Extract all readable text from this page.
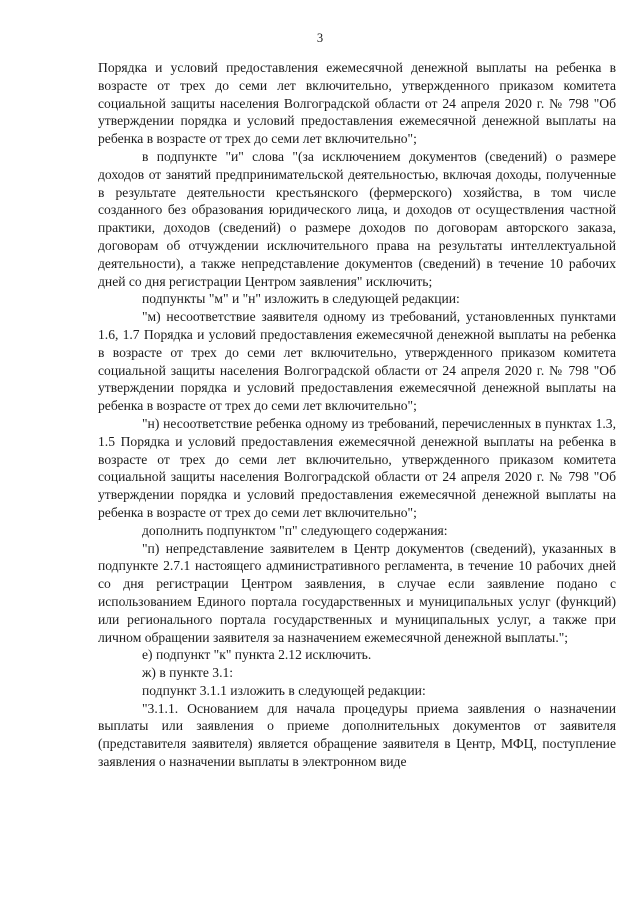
3

Порядка и условий предоставления ежемесячной денежной выплаты на ребенка в возрасте от трех до семи лет включительно, утвержденного приказом комитета социальной защиты населения Волгоградской области от 24 апреля 2020 г. № 798 "Об утверждении порядка и условий предоставления ежемесячной денежной выплаты на ребенка в возрасте от трех до семи лет включительно";

в подпункте "и" слова "(за исключением документов (сведений) о размере доходов от занятий предпринимательской деятельностью, включая доходы, полученные в результате деятельности крестьянского (фермерского) хозяйства, в том числе созданного без образования юридического лица, и доходов от осуществления частной практики, доходов (сведений) о размере доходов по договорам авторского заказа, договорам об отчуждении исключительного права на результаты интеллектуальной деятельности), а также непредставление документов (сведений) в течение 10 рабочих дней со дня регистрации Центром заявления" исключить;

подпункты "м" и "н" изложить в следующей редакции:

"м) несоответствие заявителя одному из требований, установленных пунктами 1.6, 1.7 Порядка и условий предоставления ежемесячной денежной выплаты на ребенка в возрасте от трех до семи лет включительно, утвержденного приказом комитета социальной защиты населения Волгоградской области от 24 апреля 2020 г. № 798 "Об утверждении порядка и условий предоставления ежемесячной денежной выплаты на ребенка в возрасте от трех до семи лет включительно";

"н) несоответствие ребенка одному из требований, перечисленных в пунктах 1.3, 1.5 Порядка и условий предоставления ежемесячной денежной выплаты на ребенка в возрасте от трех до семи лет включительно, утвержденного приказом комитета социальной защиты населения Волгоградской области от 24 апреля 2020 г. № 798 "Об утверждении порядка и условий предоставления ежемесячной денежной выплаты на ребенка в возрасте от трех до семи лет включительно";

дополнить подпунктом "п" следующего содержания:

"п) непредставление заявителем в Центр документов (сведений), указанных в подпункте 2.7.1 настоящего административного регламента, в течение 10 рабочих дней со дня регистрации Центром заявления, в случае если заявление подано с использованием Единого портала государственных и муниципальных услуг (функций) или регионального портала государственных и муниципальных услуг, а также при личном обращении заявителя за назначением ежемесячной денежной выплаты.";

е) подпункт "к" пункта 2.12 исключить.

ж) в пункте 3.1:

подпункт 3.1.1 изложить в следующей редакции:

"3.1.1. Основанием для начала процедуры приема заявления о назначении выплаты или заявления о приеме дополнительных документов от заявителя (представителя заявителя) является обращение заявителя в Центр, МФЦ, поступление заявления о назначении выплаты в электронном виде
